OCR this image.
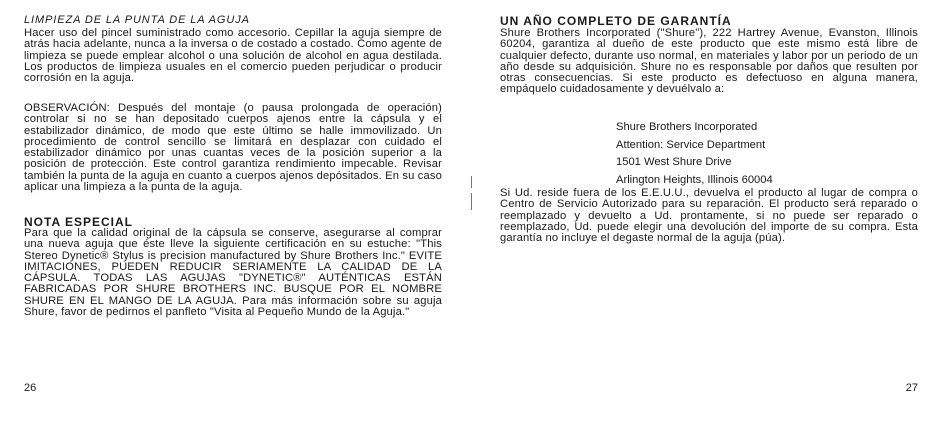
LIMPIEZA DE LA PUNTA DE LA AGUJA

Hacer uso del pincel suministrado como accesorio. Cepillar la aguja siempre de atrás hacia adelante, nunca a la inversa o de costado a costado. Como agente de limpieza se puede emplear alcohol o una solución de alcohol en agua destilada. Los productos de limpieza usuales en el comercio pueden perjudicar o producir corrosión en la aguja.

OBSERVACIÓN: Después del montaje (o pausa prolongada de operación) controlar si no se han depositado cuerpos ajenos entre la cápsula y el estabilizador dinámico, de modo que este último se halle immovilizado. Un procedimiento de control sencillo se limitará en desplazar con cuidado el estabilizador dinámico por unas cuantas veces de la posición superior a la posición de protección. Este control garantiza rendimiento impecable. Revisar también la punta de la aguja en cuanto a cuerpos ajenos depósitados. En su caso aplicar una limpieza a la punta de la aguja.

NOTA ESPECIAL

Para que la calidad original de la cápsula se conserve, asegurarse al comprar una nueva aguja que éste lleve la siguiente certificación en su estuche: "This Stereo Dynetic® Stylus is precision manufactured by Shure Brothers Inc." EVITE IMITACIONES, PUEDEN REDUCIR SERIAMENTE LA CALIDAD DE LA CÁPSULA. TODAS LAS AGUJAS "DYNETIC®" AUTÉNTICAS ESTÁN FABRICADAS POR SHURE BROTHERS INC. BUSQUE POR EL NOMBRE SHURE EN EL MANGO DE LA AGUJA. Para más información sobre su aguja Shure, favor de pedirnos el panfleto "Visita al Pequeño Mundo de la Aguja."

26

UN AÑO COMPLETO DE GARANTÍA

Shure Brothers Incorporated ("Shure"), 222 Hartrey Avenue, Evanston, Illinois 60204, garantiza al dueño de este producto que este mismo está libre de cualquier defecto, durante uso normal, en materiales y labor por un periodo de un año desde su adquisición. Shure no es responsable por daños que resulten por otras consecuencias. Si este producto es defectuoso en alguna manera, empáquelo cuidadosamente y devuélvalo a:

Shure Brothers Incorporated
Attention: Service Department
1501 West Shure Drive
Arlington Heights, Illinois 60004

Si Ud. reside fuera de los E.E.U.U., devuelva el producto al lugar de compra o Centro de Servicio Autorizado para su reparación. El producto será reparado o reemplazado y devuelto a Ud. prontamente, si no puede ser reparado o reemplazado, Ud. puede elegir una devolución del importe de su compra. Esta garantía no incluye el degaste normal de la aguja (púa).

27
